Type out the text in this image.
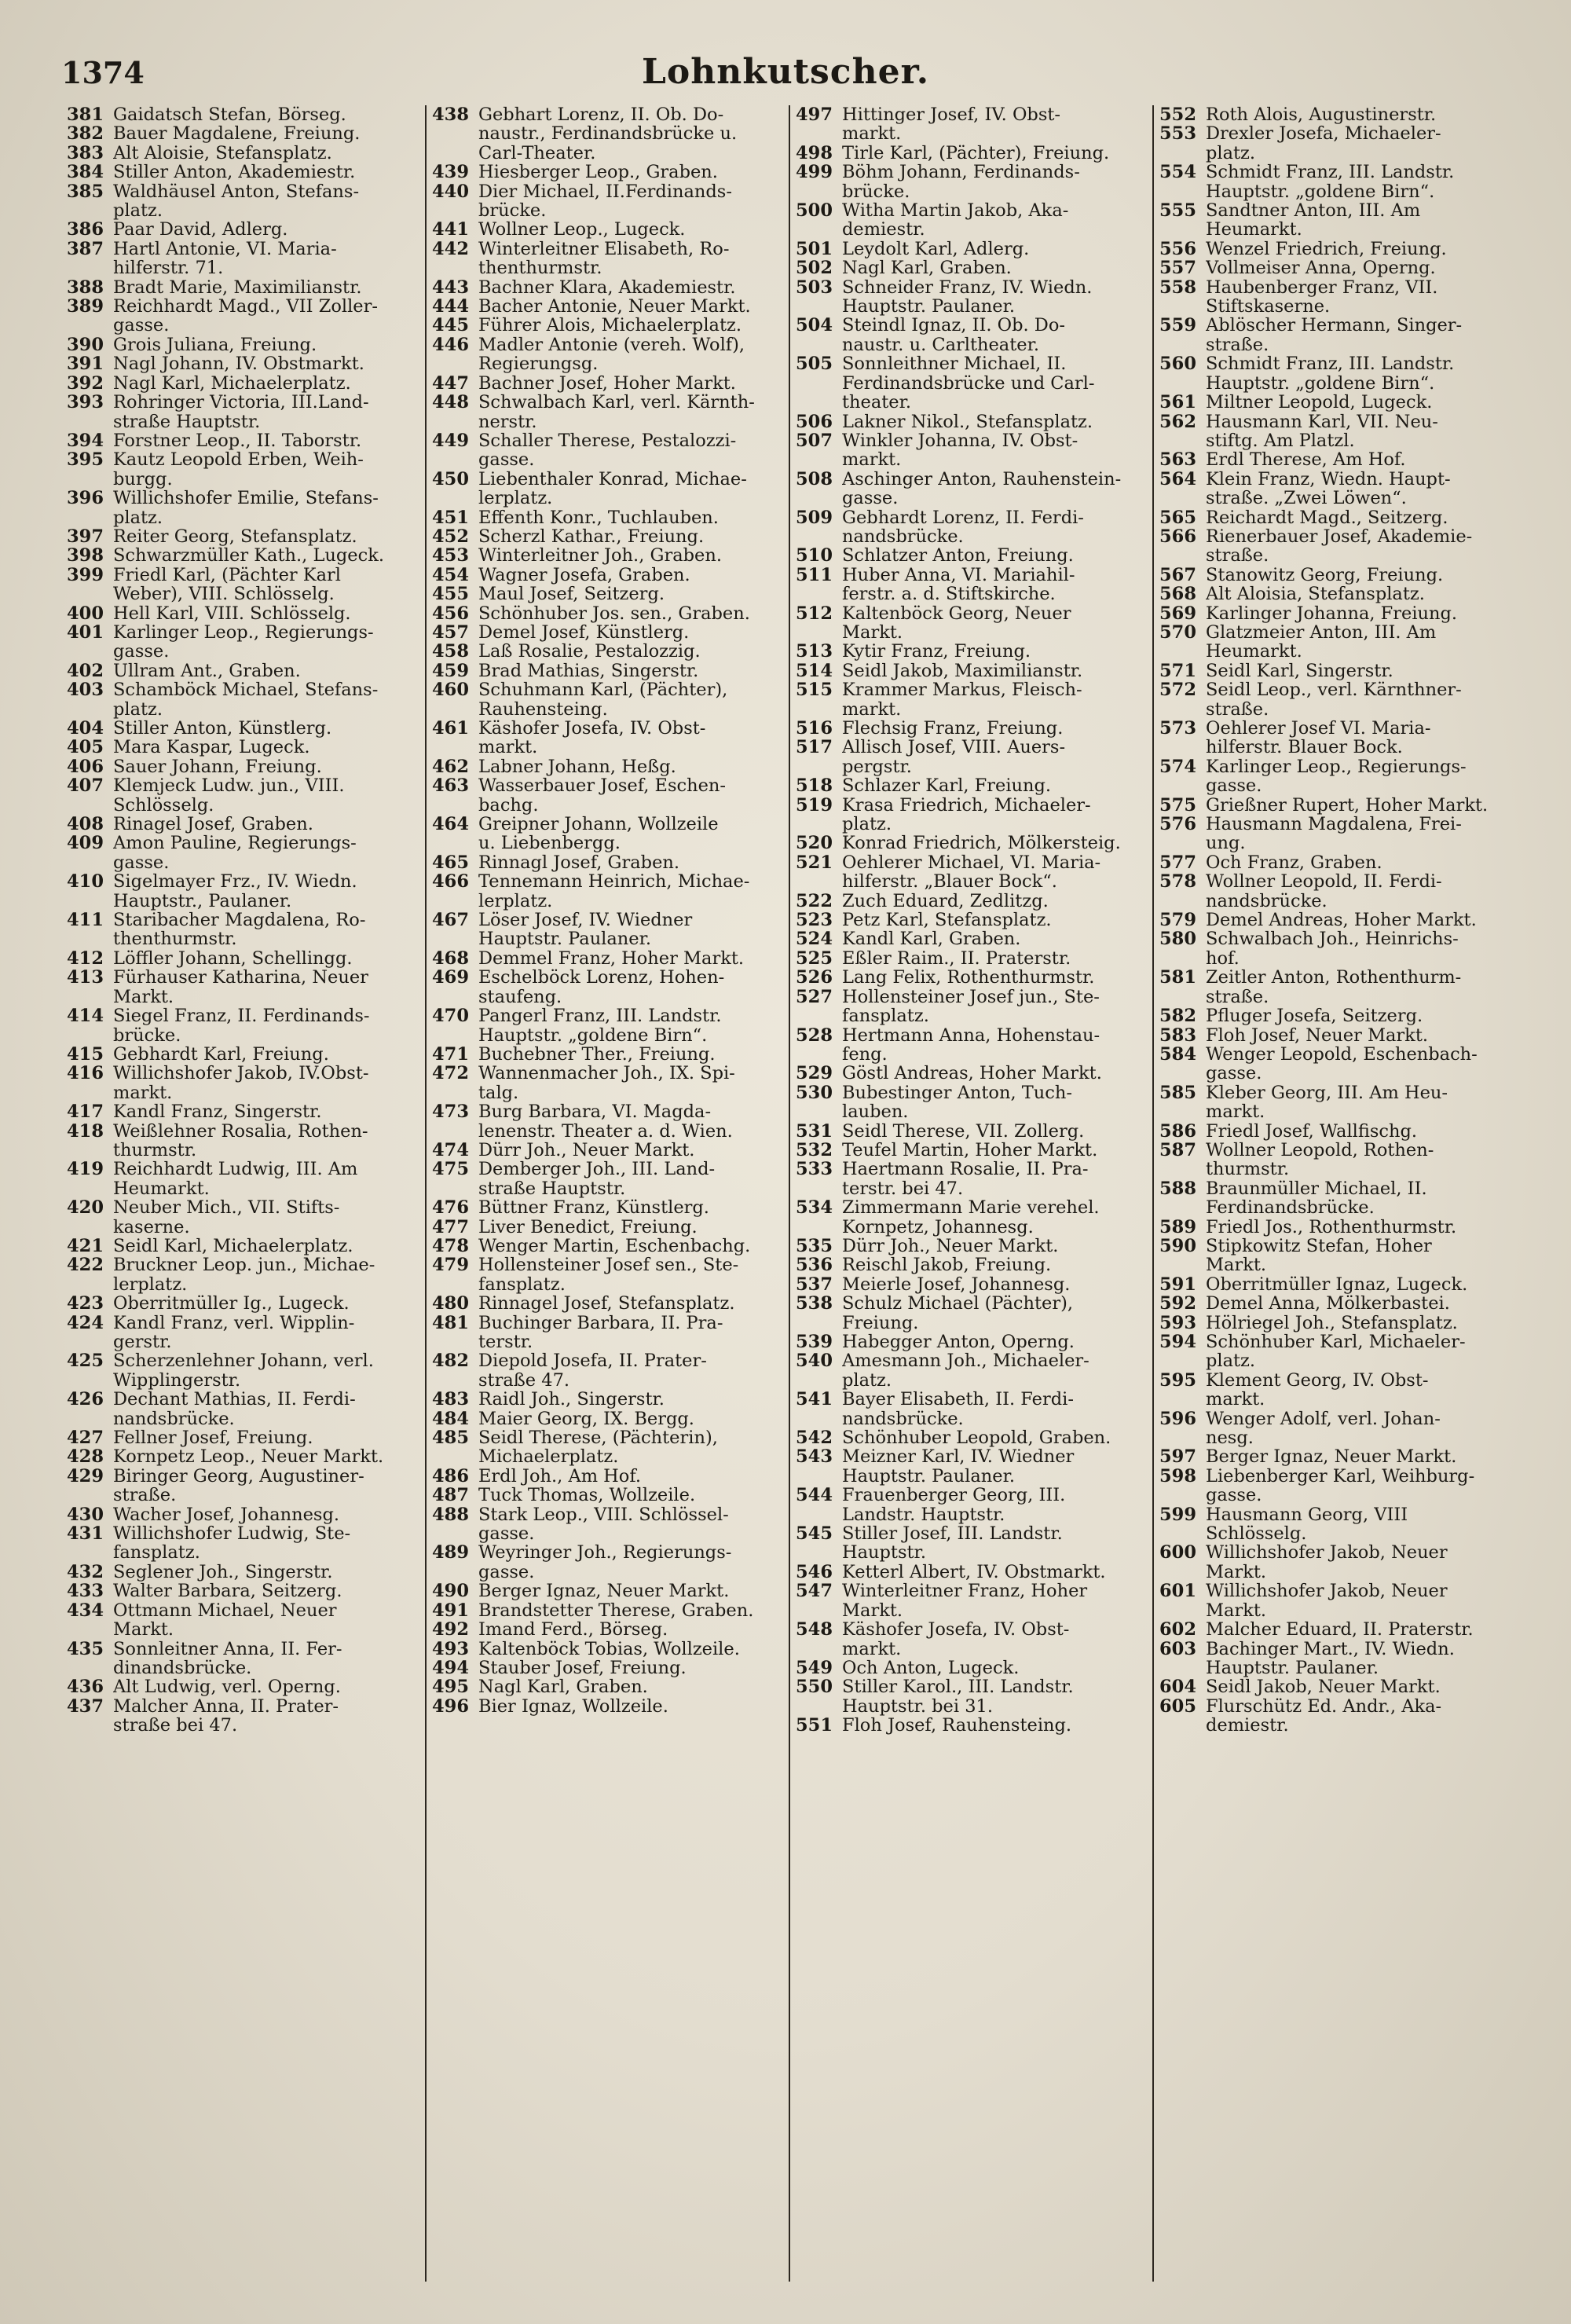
1374	Lohnkutscher.
381 Gaidatsch Stefan, Börseg.
382 Bauer Magdalene, Freiung.
383 Alt Aloisie, Stefansplatz.
384 Stiller Anton, Akademiestr.
385 Waldhäusel Anton, Stefans-
platz.
386 Paar David, Adlerg.
387 Hartl Antonie, VI. Maria-
hilferstr. 71.
388 Bradt Marie, Maximilianstr.
389 Reichhardt Magd., VII Zoller-
gasse.
390 Grois Juliana, Freiung.
391 Nagl Johann, IV. Obstmarkt.
392 Nagl Karl, Michaelerplatz.
393 Rohringer Victoria, III.Land-
straße Hauptstr.
394 Forstner Leop., II. Taborstr.
395 Kautz Leopold Erben, Weih-
burgg.
396 Willichshofer Emilie, Stefans-
platz.
397 Reiter Georg, Stefansplatz.
398 Schwarzmüller Kath., Lugeck.
399 Friedl Karl, (Pächter Karl
Weber), VIII. Schlösselg.
400 Hell Karl, VIII. Schlösselg.
401 Karlinger Leop., Regierungs-
gasse.
402 Ullram Ant., Graben.
403 Schamböck Michael, Stefans-
platz.
404 Stiller Anton, Künstlerg.
405 Mara Kaspar, Lugeck.
406 Sauer Johann, Freiung.
407 Klemjeck Ludw. jun., VIII.
Schlösselg.
408 Rinagel Josef, Graben.
409 Amon Pauline, Regierungs-
gasse.
410 Sigelmayer Frz., IV. Wiedn.
Hauptstr., Paulaner.
411 Staribacher Magdalena, Ro-
thenthurmstr.
412 Löffler Johann, Schellingg.
413 Fürhauser Katharina, Neuer
Markt.
414 Siegel Franz, II. Ferdinands-
brücke.
415 Gebhardt Karl, Freiung.
416 Willichshofer Jakob, IV.Obst-
markt.
417 Kandl Franz, Singerstr.
418 Weißlehner Rosalia, Rothen-
thurmstr.
419 Reichhardt Ludwig, III. Am
Heumarkt.
420 Neuber Mich., VII. Stifts-
kaserne.
421 Seidl Karl, Michaelerplatz.
422 Bruckner Leop. jun., Michae-
lerplatz.
423 Oberritmüller Ig., Lugeck.
424 Kandl Franz, verl. Wipplin-
gerstr.
425 Scherzenlehner Johann, verl.
Wipplingerstr.
426 Dechant Mathias, II. Ferdi-
nandsbrücke.
427 Fellner Josef, Freiung.
428 Kornpetz Leop., Neuer Markt.
429 Biringer Georg, Augustiner-
straße.
430 Wacher Josef, Johannesg.
431 Willichshofer Ludwig, Ste-
fansplatz.
432 Seglener Joh., Singerstr.
433 Walter Barbara, Seitzerg.
434 Ottmann Michael, Neuer
Markt.
435 Sonnleitner Anna, II. Fer-
dinandsbrücke.
436 Alt Ludwig, verl. Operng.
437 Malcher Anna, II. Prater-
straße bei 47.
438 Gebhart Lorenz, II. Ob. Do-
naustr., Ferdinandsbrücke u.
Carl-Theater.
439 Hiesberger Leop., Graben.
440 Dier Michael, II.Ferdinands-
brücke.
441 Wollner Leop., Lugeck.
442 Winterleitner Elisabeth, Ro-
thenthurmstr.
443 Bachner Klara, Akademiestr.
444 Bacher Antonie, Neuer Markt.
445 Führer Alois, Michaelerplatz.
446 Madler Antonie (vereh. Wolf),
Regierungsg.
447 Bachner Josef, Hoher Markt.
448 Schwalbach Karl, verl. Kärnth-
nerstr.
449 Schaller Therese, Pestalozzi-
gasse.
450 Liebenthaler Konrad, Michae-
lerplatz.
451 Effenth Konr., Tuchlauben.
452 Scherzl Kathar., Freiung.
453 Winterleitner Joh., Graben.
454 Wagner Josefa, Graben.
455 Maul Josef, Seitzerg.
456 Schönhuber Jos. sen., Graben.
457 Demel Josef, Künstlerg.
458 Laß Rosalie, Pestalozzig.
459 Brad Mathias, Singerstr.
460 Schuhmann Karl, (Pächter),
Rauhensteing.
461 Käshofer Josefa, IV. Obst-
markt.
462 Labner Johann, Heßg.
463 Wasserbauer Josef, Eschen-
bachg.
464 Greipner Johann, Wollzeile
u. Liebenbergg.
465 Rinnagl Josef, Graben.
466 Tennemann Heinrich, Michae-
lerplatz.
467 Löser Josef, IV. Wiedner
Hauptstr. Paulaner.
468 Demmel Franz, Hoher Markt.
469 Eschelböck Lorenz, Hohen-
staufeng.
470 Pangerl Franz, III. Landstr.
Hauptstr. „goldene Birn“.
471 Buchebner Ther., Freiung.
472 Wannenmacher Joh., IX. Spi-
talg.
473 Burg Barbara, VI. Magda-
lenenstr. Theater a. d. Wien.
474 Dürr Joh., Neuer Markt.
475 Demberger Joh., III. Land-
straße Hauptstr.
476 Büttner Franz, Künstlerg.
477 Liver Benedict, Freiung.
478 Wenger Martin, Eschenbachg.
479 Hollensteiner Josef sen., Ste-
fansplatz.
480 Rinnagel Josef, Stefansplatz.
481 Buchinger Barbara, II. Pra-
terstr.
482 Diepold Josefa, II. Prater-
straße 47.
483 Raidl Joh., Singerstr.
484 Maier Georg, IX. Bergg.
485 Seidl Therese, (Pächterin),
Michaelerplatz.
486 Erdl Joh., Am Hof.
487 Tuck Thomas, Wollzeile.
488 Stark Leop., VIII. Schlössel-
gasse.
489 Weyringer Joh., Regierungs-
gasse.
490 Berger Ignaz, Neuer Markt.
491 Brandstetter Therese, Graben.
492 Imand Ferd., Börseg.
493 Kaltenböck Tobias, Wollzeile.
494 Stauber Josef, Freiung.
495 Nagl Karl, Graben.
496 Bier Ignaz, Wollzeile.
497 Hittinger Josef, IV. Obst-
markt.
498 Tirle Karl, (Pächter), Freiung.
499 Böhm Johann, Ferdinands-
brücke.
500 Witha Martin Jakob, Aka-
demiestr.
501 Leydolt Karl, Adlerg.
502 Nagl Karl, Graben.
503 Schneider Franz, IV. Wiedn.
Hauptstr. Paulaner.
504 Steindl Ignaz, II. Ob. Do-
naustr. u. Carltheater.
505 Sonnleithner Michael, II.
Ferdinandsbrücke und Carl-
theater.
506 Lakner Nikol., Stefansplatz.
507 Winkler Johanna, IV. Obst-
markt.
508 Aschinger Anton, Rauhenstein-
gasse.
509 Gebhardt Lorenz, II. Ferdi-
nandsbrücke.
510 Schlatzer Anton, Freiung.
511 Huber Anna, VI. Mariahil-
ferstr. a. d. Stiftskirche.
512 Kaltenböck Georg, Neuer
Markt.
513 Kytir Franz, Freiung.
514 Seidl Jakob, Maximilianstr.
515 Krammer Markus, Fleisch-
markt.
516 Flechsig Franz, Freiung.
517 Allisch Josef, VIII. Auers-
pergstr.
518 Schlazer Karl, Freiung.
519 Krasa Friedrich, Michaeler-
platz.
520 Konrad Friedrich, Mölkersteig.
521 Oehlerer Michael, VI. Maria-
hilferstr. „Blauer Bock“.
522 Zuch Eduard, Zedlitzg.
523 Petz Karl, Stefansplatz.
524 Kandl Karl, Graben.
525 Eßler Raim., II. Praterstr.
526 Lang Felix, Rothenthurmstr.
527 Hollensteiner Josef jun., Ste-
fansplatz.
528 Hertmann Anna, Hohenstau-
feng.
529 Göstl Andreas, Hoher Markt.
530 Bubestinger Anton, Tuch-
lauben.
531 Seidl Therese, VII. Zollerg.
532 Teufel Martin, Hoher Markt.
533 Haertmann Rosalie, II. Pra-
terstr. bei 47.
534 Zimmermann Marie verehel.
Kornpetz, Johannesg.
535 Dürr Joh., Neuer Markt.
536 Reischl Jakob, Freiung.
537 Meierle Josef, Johannesg.
538 Schulz Michael (Pächter),
Freiung.
539 Habegger Anton, Operng.
540 Amesmann Joh., Michaeler-
platz.
541 Bayer Elisabeth, II. Ferdi-
nandsbrücke.
542 Schönhuber Leopold, Graben.
543 Meizner Karl, IV. Wiedner
Hauptstr. Paulaner.
544 Frauenberger Georg, III.
Landstr. Hauptstr.
545 Stiller Josef, III. Landstr.
Hauptstr.
546 Ketterl Albert, IV. Obstmarkt.
547 Winterleitner Franz, Hoher
Markt.
548 Käshofer Josefa, IV. Obst-
markt.
549 Och Anton, Lugeck.
550 Stiller Karol., III. Landstr.
Hauptstr. bei 31.
551 Floh Josef, Rauhensteing.
552 Roth Alois, Augustinerstr.
553 Drexler Josefa, Michaeler-
platz.
554 Schmidt Franz, III. Landstr.
Hauptstr. „goldene Birn“.
555 Sandtner Anton, III. Am
Heumarkt.
556 Wenzel Friedrich, Freiung.
557 Vollmeiser Anna, Operng.
558 Haubenberger Franz, VII.
Stiftskaserne.
559 Ablöscher Hermann, Singer-
straße.
560 Schmidt Franz, III. Landstr.
Hauptstr. „goldene Birn“.
561 Miltner Leopold, Lugeck.
562 Hausmann Karl, VII. Neu-
stiftg. Am Platzl.
563 Erdl Therese, Am Hof.
564 Klein Franz, Wiedn. Haupt-
straße. „Zwei Löwen“.
565 Reichardt Magd., Seitzerg.
566 Rienerbauer Josef, Akademie-
straße.
567 Stanowitz Georg, Freiung.
568 Alt Aloisia, Stefansplatz.
569 Karlinger Johanna, Freiung.
570 Glatzmeier Anton, III. Am
Heumarkt.
571 Seidl Karl, Singerstr.
572 Seidl Leop., verl. Kärnthner-
straße.
573 Oehlerer Josef VI. Maria-
hilferstr. Blauer Bock.
574 Karlinger Leop., Regierungs-
gasse.
575 Grießner Rupert, Hoher Markt.
576 Hausmann Magdalena, Frei-
ung.
577 Och Franz, Graben.
578 Wollner Leopold, II. Ferdi-
nandsbrücke.
579 Demel Andreas, Hoher Markt.
580 Schwalbach Joh., Heinrichs-
hof.
581 Zeitler Anton, Rothenthurm-
straße.
582 Pfluger Josefa, Seitzerg.
583 Floh Josef, Neuer Markt.
584 Wenger Leopold, Eschenbach-
gasse.
585 Kleber Georg, III. Am Heu-
markt.
586 Friedl Josef, Wallfischg.
587 Wollner Leopold, Rothen-
thurmstr.
588 Braunmüller Michael, II.
Ferdinandsbrücke.
589 Friedl Jos., Rothenthurmstr.
590 Stipkowitz Stefan, Hoher
Markt.
591 Oberritmüller Ignaz, Lugeck.
592 Demel Anna, Mölkerbastei.
593 Hölriegel Joh., Stefansplatz.
594 Schönhuber Karl, Michaeler-
platz.
595 Klement Georg, IV. Obst-
markt.
596 Wenger Adolf, verl. Johan-
nesg.
597 Berger Ignaz, Neuer Markt.
598 Liebenberger Karl, Weihburg-
gasse.
599 Hausmann Georg, VIII
Schlösselg.
600 Willichshofer Jakob, Neuer
Markt.
601 Willichshofer Jakob, Neuer
Markt.
602 Malcher Eduard, II. Praterstr.
603 Bachinger Mart., IV. Wiedn.
Hauptstr. Paulaner.
604 Seidl Jakob, Neuer Markt.
605 Flurschütz Ed. Andr., Aka-
demiestr.
